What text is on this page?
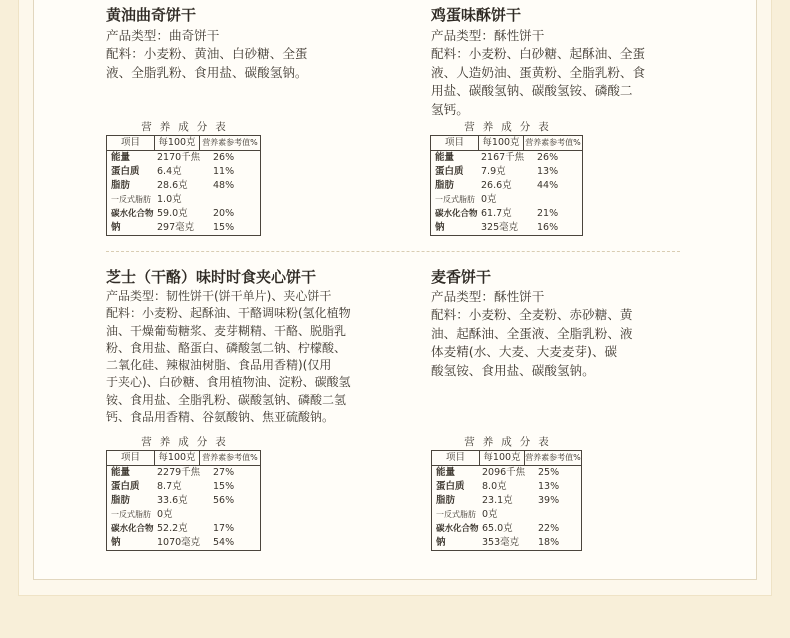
黄油曲奇饼干
产品类型：曲奇饼干
配料：小麦粉、黄油、白砂糖、全蛋
液、全脂乳粉、食用盐、碳酸氢钠。
营养成分表
项目	每100克 营养素参考值%
能量	2170千焦	26%
蛋白质	6.4克	11%
脂肪	28.6克	48%
一反式脂肪 1.0克
碳水化合物 59.0克	20%
钠	297毫克	15%
鸡蛋味酥饼干
产品类型：酥性饼干
配料：小麦粉、白砂糖、起酥油、全蛋
液、人造奶油、蛋黄粉、全脂乳粉、食
用盐、碳酸氢钠、碳酸氢铵、磷酸二
氢钙。
营养成分表
项目	每100克 营养素参考值%
能量	2167千焦	26%
蛋白质	7.9克	13%
脂肪	26.6克	44%
一反式脂肪 0克
碳水化合物 61.7克	21%
钠	325毫克	16%
芝士（干酪）味时时食夹心饼干
产品类型：韧性饼干(饼干单片)、夹心饼干
配料：小麦粉、起酥油、干酪调味粉(氢化植物
油、干燥葡萄糖浆、麦芽糊精、干酪、脱脂乳
粉、食用盐、酪蛋白、磷酸氢二钠、柠檬酸、
二氧化硅、辣椒油树脂、食品用香精)(仅用
于夹心)、白砂糖、食用植物油、淀粉、碳酸氢
铵、食用盐、全脂乳粉、碳酸氢钠、磷酸二氢
钙、食品用香精、谷氨酸钠、焦亚硫酸钠。
营养成分表
项目	每100克 营养素参考值%
能量	2279千焦	27%
蛋白质	8.7克	15%
脂肪	33.6克	56%
一反式脂肪 0克
碳水化合物 52.2克	17%
钠	1070毫克	54%
麦香饼干
产品类型：酥性饼干
配料：小麦粉、全麦粉、赤砂糖、黄
油、起酥油、全蛋液、全脂乳粉、液
体麦精(水、大麦、大麦麦芽)、碳
酸氢铵、食用盐、碳酸氢钠。
营养成分表
项目	每100克 营养素参考值%
能量	2096千焦	25%
蛋白质	8.0克	13%
脂肪	23.1克	39%
一反式脂肪 0克
碳水化合物 65.0克	22%
钠	353毫克	18%
